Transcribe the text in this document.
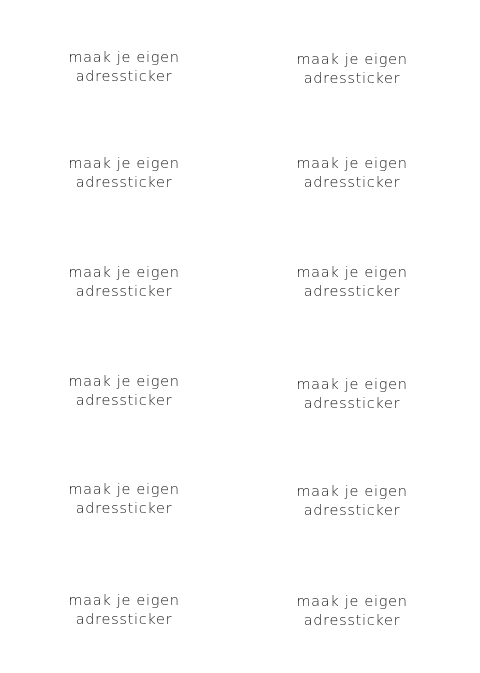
maak je eigen
adressticker
maak je eigen
adressticker
maak je eigen
adressticker
maak je eigen
adressticker
maak je eigen
adressticker
maak je eigen
adressticker
maak je eigen
adressticker
maak je eigen
adressticker
maak je eigen
adressticker
maak je eigen
adressticker
maak je eigen
adressticker
maak je eigen
adressticker
